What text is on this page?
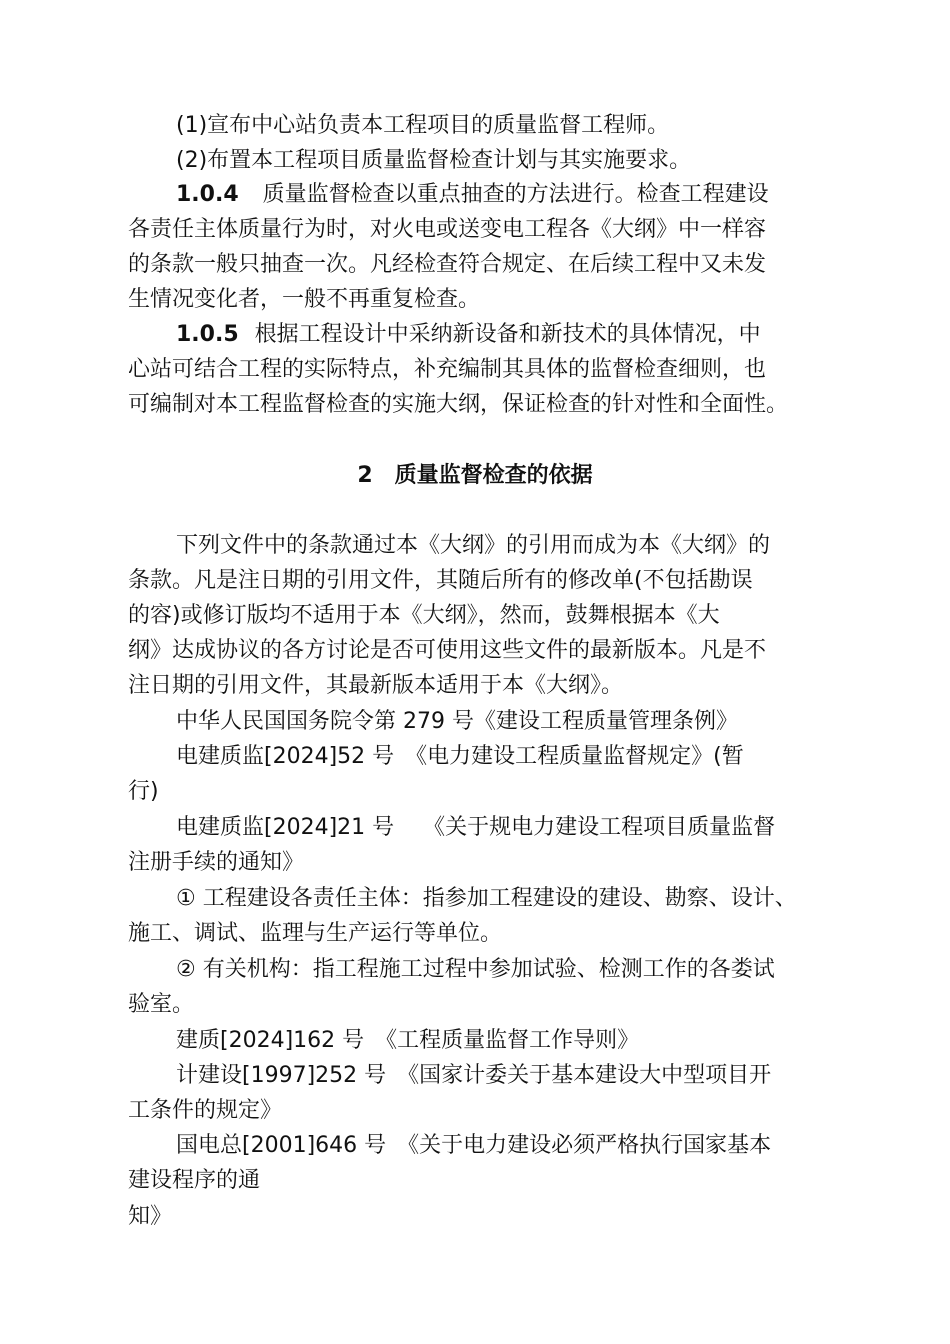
(1)宣布中心站负责本工程项目的质量监督工程师。
(2)布置本工程项目质量监督检查计划与其实施要求。
1.0.4 质量监督检查以重点抽查的方法进行。检查工程建设
各责任主体质量行为时，对火电或送变电工程各《大纲》中一样容
的条款一般只抽查一次。凡经检查符合规定、在后续工程中又未发
生情况变化者，一般不再重复检查。
1.0.5 根据工程设计中采纳新设备和新技术的具体情况，中
心站可结合工程的实际特点，补充编制其具体的监督检查细则，也
可编制对本工程监督检查的实施大纲，保证检查的针对性和全面性。
2　质量监督检查的依据
下列文件中的条款通过本《大纲》的引用而成为本《大纲》的
条款。凡是注日期的引用文件，其随后所有的修改单(不包括勘误
的容)或修订版均不适用于本《大纲》，然而，鼓舞根据本《大
纲》达成协议的各方讨论是否可使用这些文件的最新版本。凡是不
注日期的引用文件，其最新版本适用于本《大纲》。
中华人民国国务院令第 279 号《建设工程质量管理条例》
电建质监[2024]52 号　《电力建设工程质量监督规定》(暂
行)
电建质监[2024]21 号　 《关于规电力建设工程项目质量监督
注册手续的通知》
① 工程建设各责任主体：指参加工程建设的建设、勘察、设计、
施工、调试、监理与生产运行等单位。
② 有关机构：指工程施工过程中参加试验、检测工作的各娄试
验室。
建质[2024]162 号　《工程质量监督工作导则》
计建设[1997]252 号　《国家计委关于基本建设大中型项目开
工条件的规定》
国电总[2001]646 号　《关于电力建设必须严格执行国家基本
建设程序的通
知》
